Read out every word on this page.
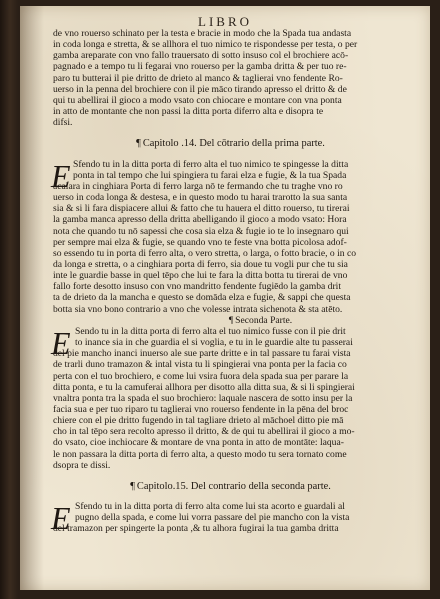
LIBRO
de vno rouerso schinato per la testa e bracie in modo che la Spada tua andasta
in coda longa e stretta, & se allhora el tuo nimico te rispondesse per testa, o per
gamba areparate con vno fallo trauersato di sotto insuso col el brochiere acō-
pagnado e a tempo tu li fegarai vno rouerso per la gamba dritta & per tuo re-
paro tu butterai il pie dritto de drieto al manco & taglierai vno fendente Ro-
uerso in la penna del brochiere con il pie māco tirando apresso el dritto & de
qui tu abellirai il gioco a modo vsato con chiocare e montare con vna ponta
in atto de montante che non passi la ditta porta diferro alta e disopra te
difsi.
¶ Capitolo .14. Del cōtrario della prima parte.
E Sfendo tu in la ditta porta di ferro alta el tuo nimico te spingesse la ditta
ponta in tal tempo che lui spingiera tu farai elza e fugie, & la tua Spada
acalara in cinghiara Porta di ferro larga nō te fermando che tu traghe vno ro
uerso in coda longa & destesa, e in questo modo tu harai trarotto la sua santa
sia & si li fara dispiacere allui & fatto che tu hauera el ditto rouerso, tu tirerai
la gamba manca apresso della dritta abelligando il gioco a modo vsato: Hora
nota che quando tu nō sapessi che cosa sia elza & fugie io te lo insegnaro qui
per sempre mai elza & fugie, se quando vno te feste vna botta picolosa adof-
so essendo tu in porta di ferro alta, o vero stretta, o larga, o fotto bracie, o in co
da longa e stretta, o a cinghiara porta di ferro, sia doue tu vogli pur che tu sia
inte le guardie basse in quel tēpo che lui te fara la ditta botta tu tirerai de vno
fallo forte desotto insuso con vno mandritto fendente fugiēdo la gamba drit
ta de drieto da la mancha e questo se domāda elza e fugie, & sappi che questa
botta sia vno bono contrario a vno che volesse intrata sichenota & sta atēto.
¶ Seconda Parte.
E Sendo tu in la ditta porta di ferro alta el tuo nimico fusse con il pie drit
to inance sia in che guardia el si voglia, e tu in le guardie alte tu passerai
del pie mancho inanci inuerso ale sue parte dritte e in tal passare tu farai vista
de trarli duno tramazon & intal vista tu li spingierai vna ponta per la facia co
perta con el tuo brochiero, e come lui vsira fuora dela spada sua per parare la
ditta ponta, e tu la camuferai allhora per disotto alla ditta sua, & si li spingierai
vnaltra ponta tra la spada el suo brochiero: laquale nascera de sotto insu per la
facia sua e per tuo riparo tu taglierai vno rouerso fendente in la pēna del broc
chiere con el pie dritto fugendo in tal tagliare drieto al māchoel ditto pie mā
cho in tal tēpo sera recolto apresso il dritto, & de qui tu abellirai il gioco a mo-
do vsato, cioe inchiocare & montare de vna ponta in atto de montāte: laqua-
le non passara la ditta porta di ferro alta, a questo modo tu sera tornato come
dsopra te dissi.
¶ Capitolo.15. Del contrario della seconda parte.
E Sfendo tu in la ditta porta di ferro alta come lui sta acorto e guardali al
pugno della spada, e come lui vorra passare del pie mancho con la vista
del tramazon per spingerte la ponta ,& tu alhora fugirai la tua gamba dritta
